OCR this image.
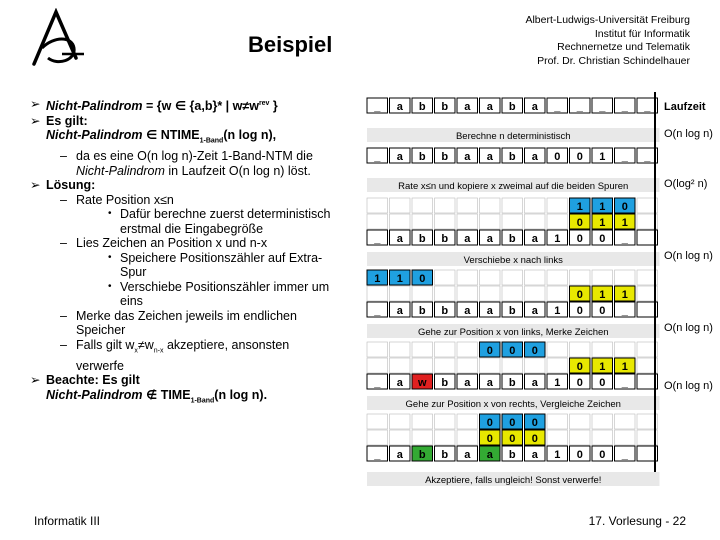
Beispiel
Albert-Ludwigs-Universität Freiburg
Institut für Informatik
Rechnernetze und Telematik
Prof. Dr. Christian Schindelhauer
➢ Nicht-Palindrom = {w ∈ {a,b}* | $w\ne w^{rev}$ }
➢ Es gilt:
Nicht-Palindrom ∈ $NTIME_{1-Band}(n$ log n),
– da es eine O(n log n)-Zeit 1-Band-NTM die
Nicht-Palindrom in Laufzeit O(n log n) löst.
➢ Lösung:
– Rate Position x≤n
• Dafür berechne zuerst deterministisch
erstmal die Eingabegröße
– Lies Zeichen an Position x und n-x
• Speichere Positionszähler auf Extra-
Spur
• Verschiebe Positionszähler immer um
eins
– Merke das Zeichen jeweils im endlichen
Speicher
– Falls gilt $w_x\ne w_{n-x}$ akzeptiere, ansonsten
verwerfe
➢ Beachte: Es gilt
Nicht-Palindrom ∉ $TIME_{1-Band}(n$ log n).
Berechne n deterministisch
Rate x≤n und kopiere x zweimal auf die beiden Spuren
Verschiebe x nach links
Gehe zur Position x von links, Merke Zeichen
Gehe zur Position x von rechts, Vergleiche Zeichen
Akzeptiere, falls ungleich! Sonst verwerfe!
_ a b b a a b a _ _ _ _ _
_ a b b a a b a 0 0 1 _ _
1 1 0
0 1 1
_ a b b a a b a 1 0 0 _
1 1 0
0 1 1
_ a b b a a b a 1 0 0 _
0 0 0
0 1 1
_ a w b a a b a 1 0 0 _
0 0 0
0 0 0
_ a b b a a b a 1 0 0 _
Laufzeit
O(n log n)
O(log² n)
O(n log n)
O(n log n)
O(n log n)
Informatik III	17. Vorlesung - 22
